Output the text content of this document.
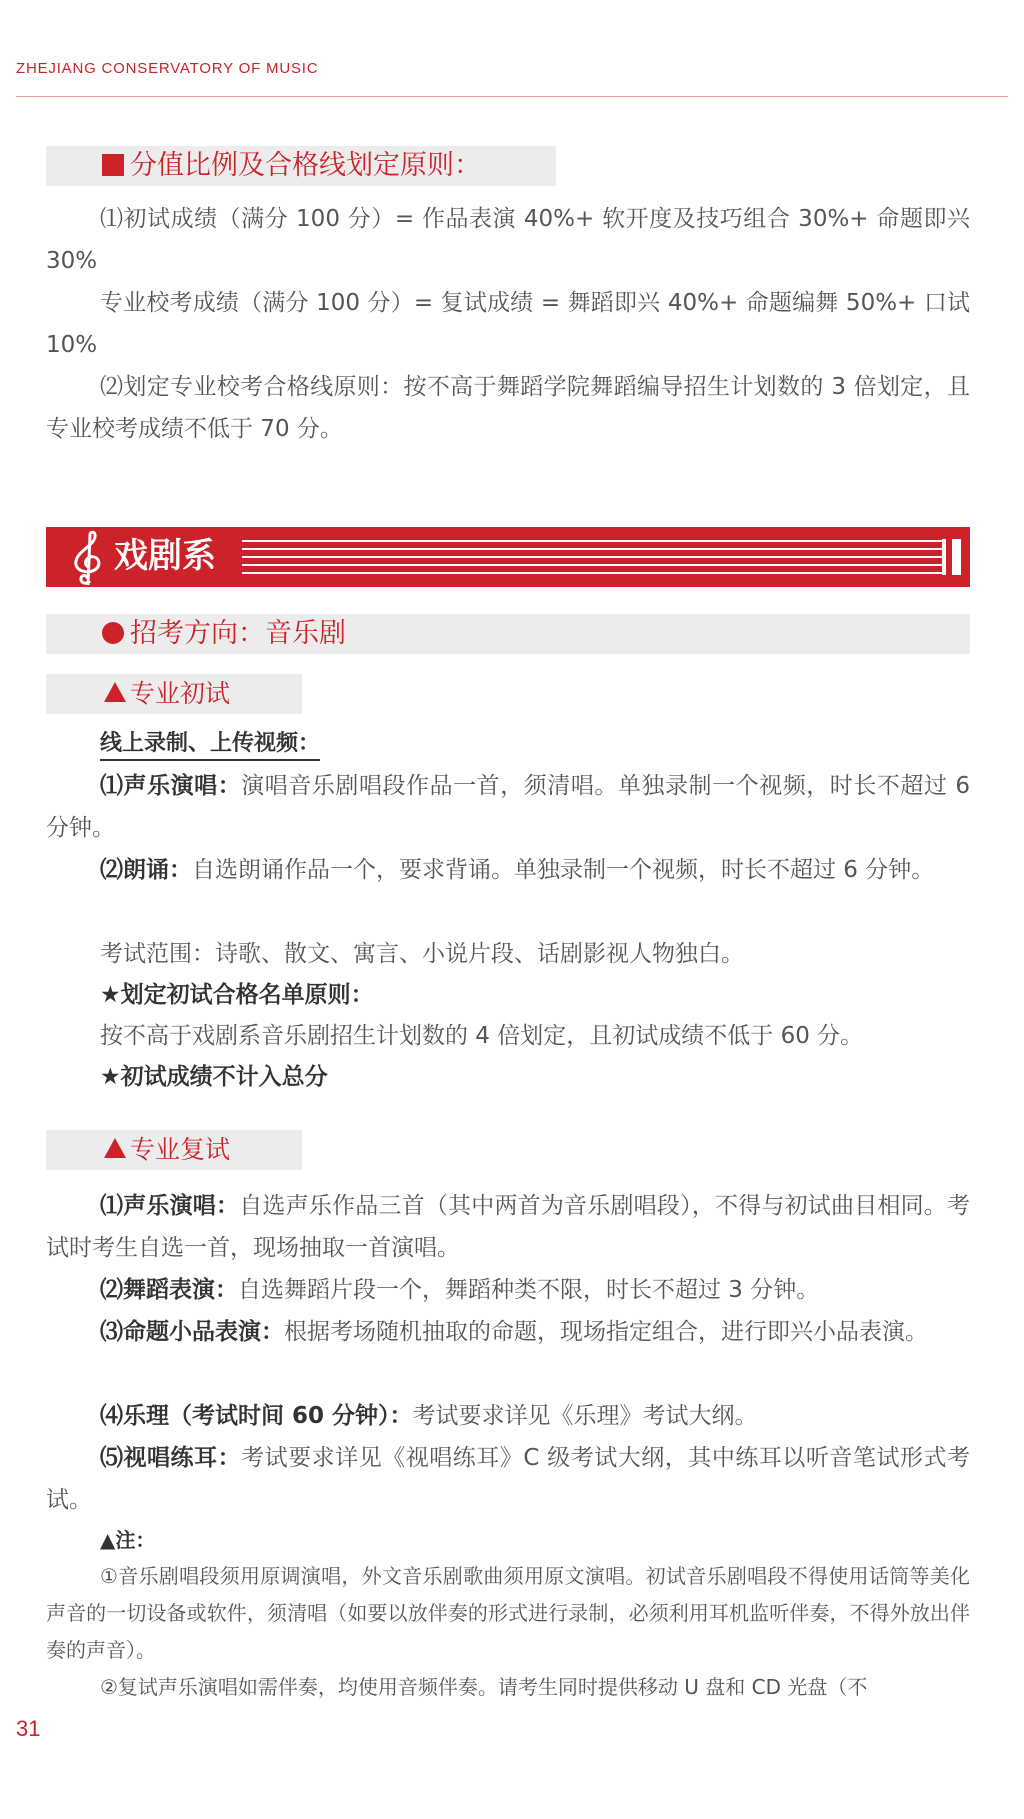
ZHEJIANG CONSERVATORY OF MUSIC
分值比例及合格线划定原则：

⑴初试成绩（满分 100 分）= 作品表演 40%+ 软开度及技巧组合 30%+ 命题即兴 30%

专业校考成绩（满分 100 分）= 复试成绩 = 舞蹈即兴 40%+ 命题编舞 50%+ 口试 10%

⑵划定专业校考合格线原则：按不高于舞蹈学院舞蹈编导招生计划数的 3 倍划定，且专业校考成绩不低于 70 分。

戏剧系
招考方向：音乐剧
专业初试
线上录制、上传视频：

⑴声乐演唱：演唱音乐剧唱段作品一首，须清唱。单独录制一个视频，时长不超过 6 分钟。

⑵朗诵：自选朗诵作品一个，要求背诵。单独录制一个视频，时长不超过 6 分钟。

考试范围：诗歌、散文、寓言、小说片段、话剧影视人物独白。

★划定初试合格名单原则：

按不高于戏剧系音乐剧招生计划数的 4 倍划定，且初试成绩不低于 60 分。

★初试成绩不计入总分

专业复试

⑴声乐演唱：自选声乐作品三首（其中两首为音乐剧唱段），不得与初试曲目相同。考试时考生自选一首，现场抽取一首演唱。

⑵舞蹈表演：自选舞蹈片段一个，舞蹈种类不限，时长不超过 3 分钟。

⑶命题小品表演：根据考场随机抽取的命题，现场指定组合，进行即兴小品表演。

⑷乐理（考试时间 60 分钟）：考试要求详见《乐理》考试大纲。

⑸视唱练耳：考试要求详见《视唱练耳》C 级考试大纲，其中练耳以听音笔试形式考试。

▲注：

①音乐剧唱段须用原调演唱，外文音乐剧歌曲须用原文演唱。初试音乐剧唱段不得使用话筒等美化声音的一切设备或软件，须清唱（如要以放伴奏的形式进行录制，必须利用耳机监听伴奏，不得外放出伴奏的声音）。

②复试声乐演唱如需伴奏，均使用音频伴奏。请考生同时提供移动 U 盘和 CD 光盘（不

31
